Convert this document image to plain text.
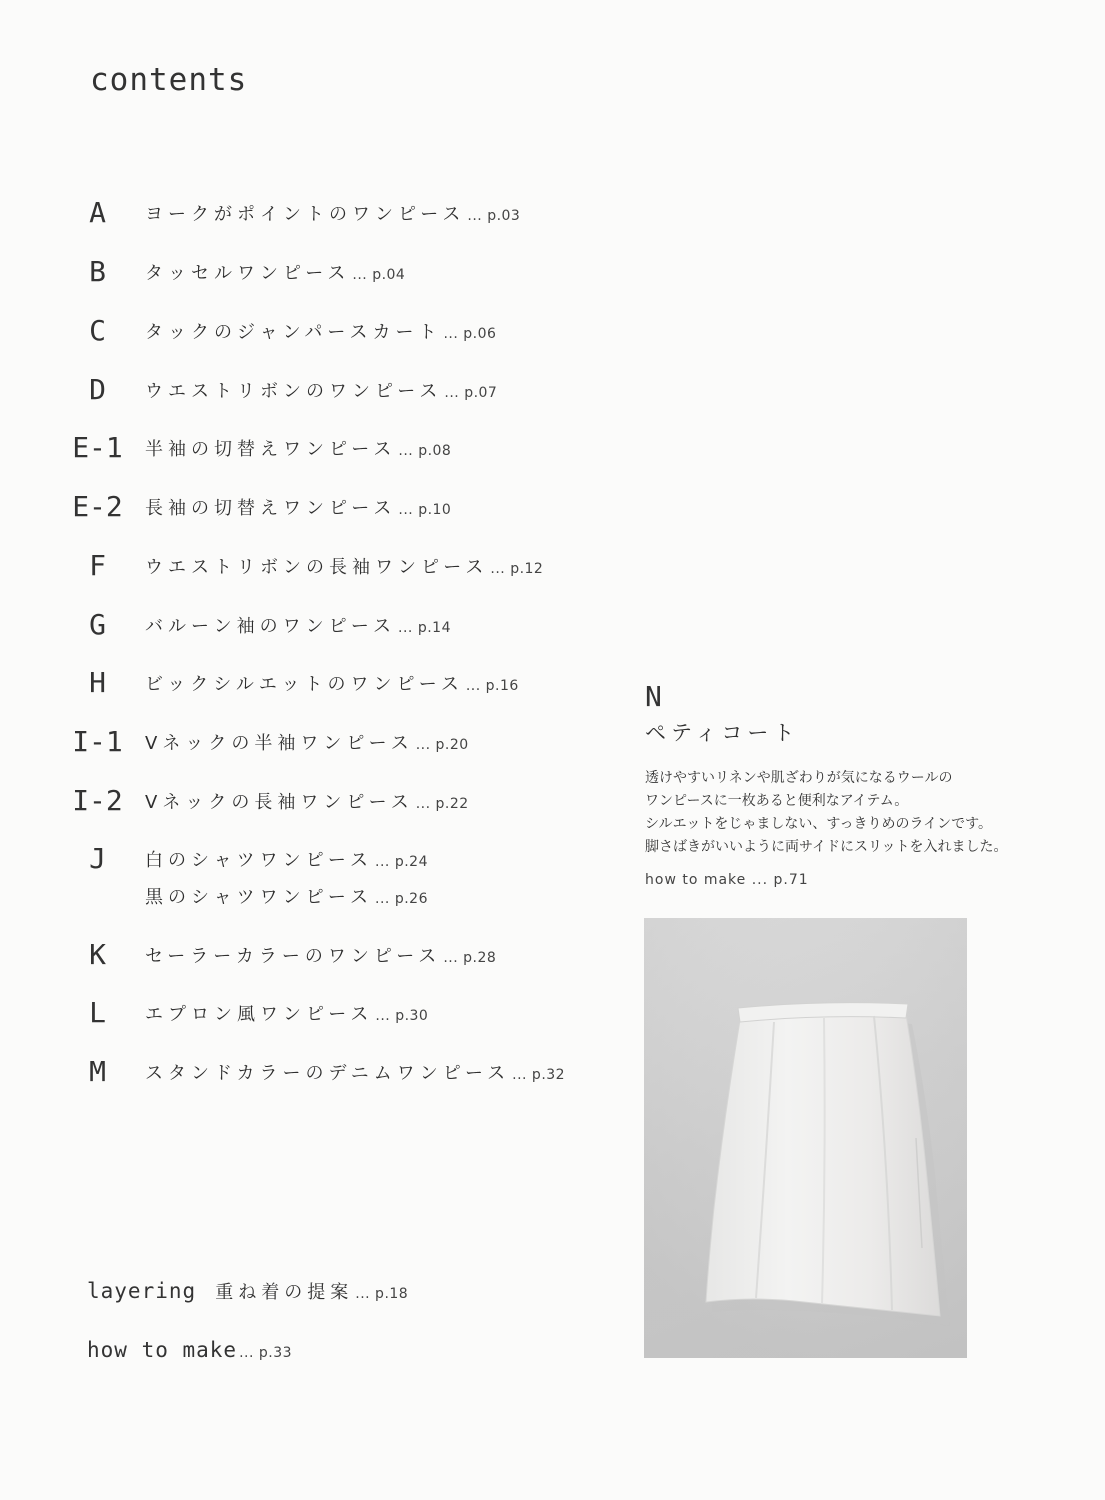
contents
A	ヨークがポイントのワンピース ... p.03
B	タッセルワンピース ... p.04
C	タックのジャンパースカート ... p.06
D	ウエストリボンのワンピース ... p.07
E-1	半袖の切替えワンピース ... p.08
E-2	長袖の切替えワンピース ... p.10
F	ウエストリボンの長袖ワンピース ... p.12
G	バルーン袖のワンピース ... p.14
H	ビックシルエットのワンピース ... p.16
I-1	Vネックの半袖ワンピース ... p.20
I-2	Vネックの長袖ワンピース ... p.22
J	白のシャツワンピース ... p.24
黒のシャツワンピース ... p.26
K	セーラーカラーのワンピース ... p.28
L	エプロン風ワンピース ... p.30
M	スタンドカラーのデニムワンピース ... p.32
layering 重ね着の提案 ... p.18
how to make ... p.33
N
ペティコート
透けやすいリネンや肌ざわりが気になるウールの
ワンピースに一枚あると便利なアイテム。
シルエットをじゃましない、すっきりめのラインです。
脚さばきがいいように両サイドにスリットを入れました。
how to make ... p.71
